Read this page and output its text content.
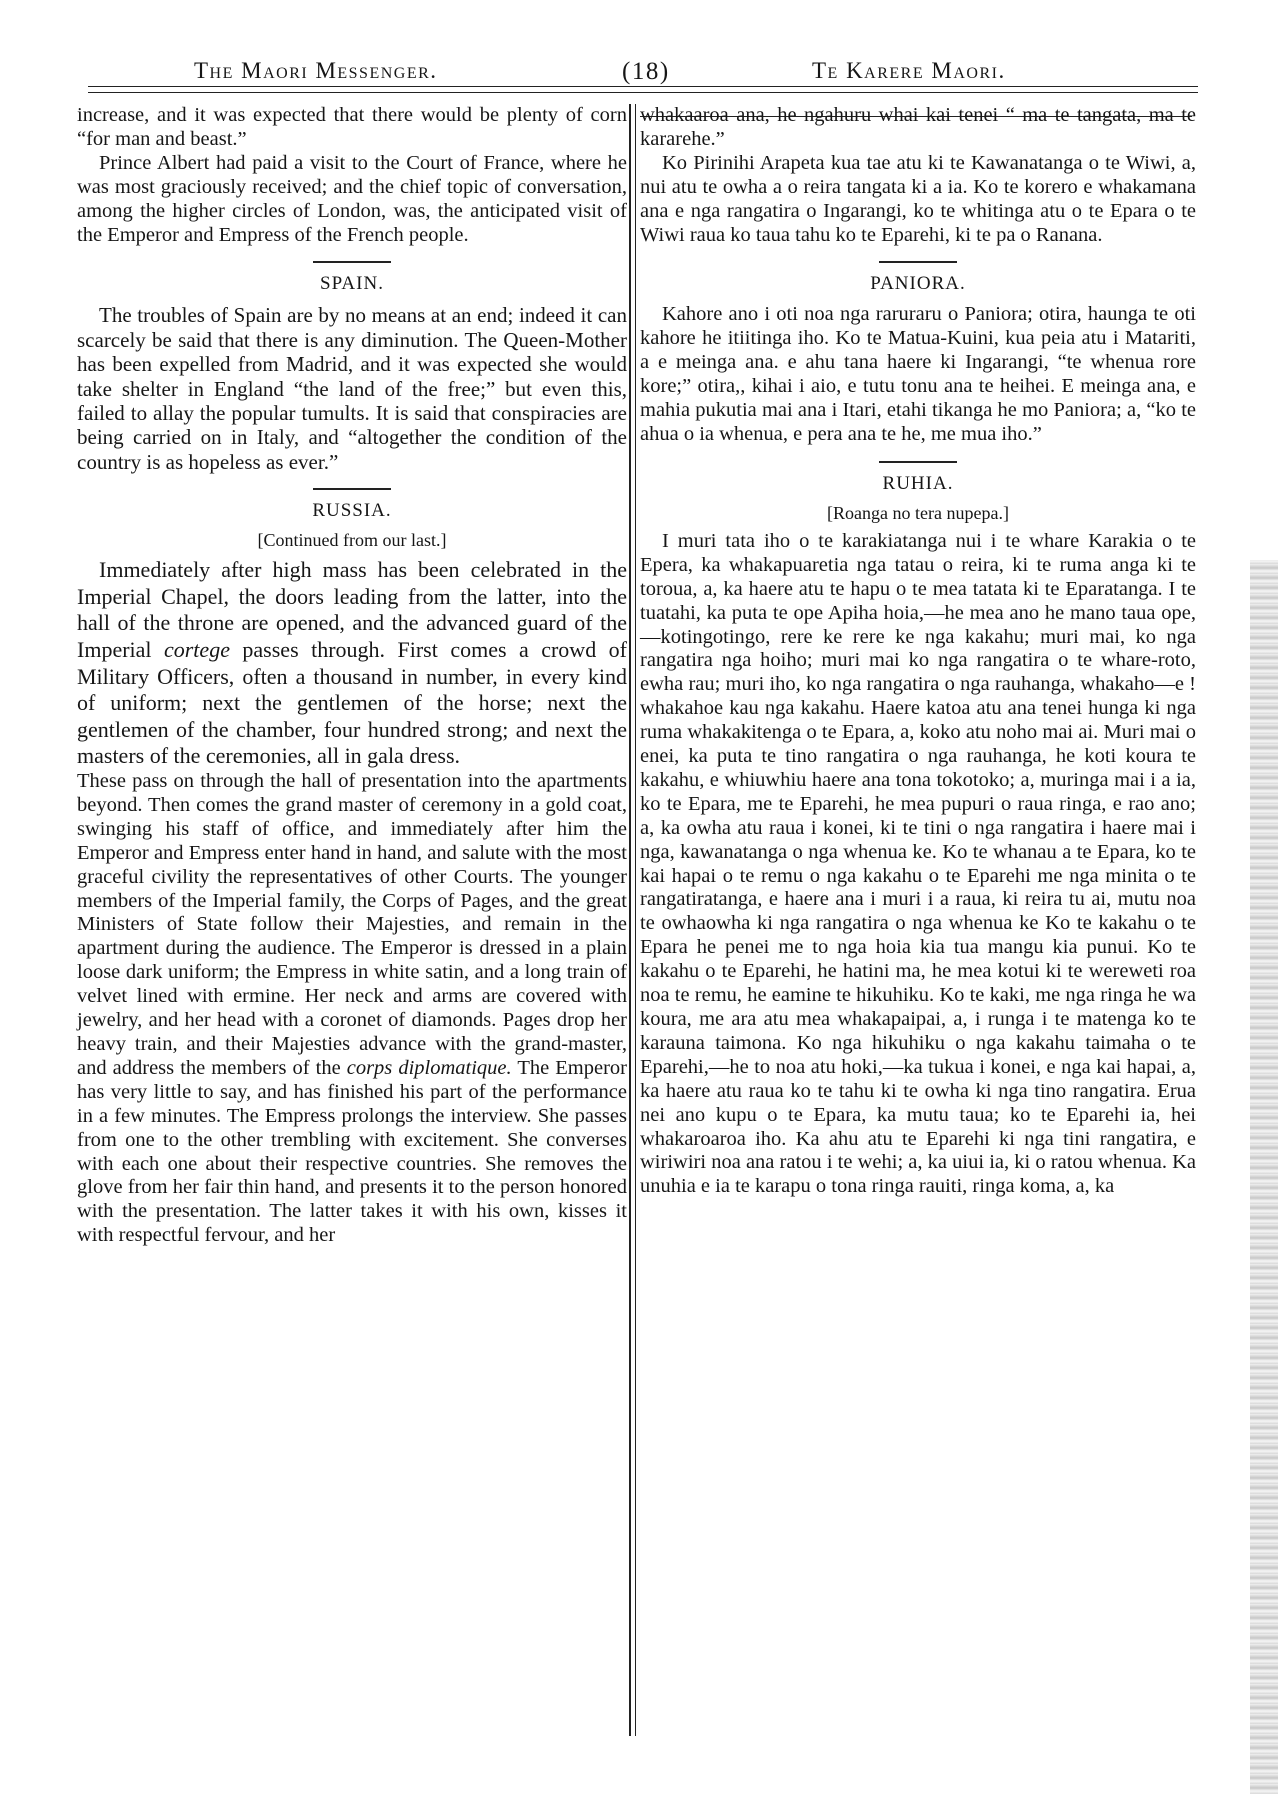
The Maori Messenger.	(18)	Te Karere Maori.

increase, and it was expected that there would be plenty of corn “for man and beast.”

Prince Albert had paid a visit to the Court of France, where he was most graciously received; and the chief topic of conversation, among the higher circles of London, was, the anticipated visit of the Emperor and Empress of the French people.

SPAIN.

The troubles of Spain are by no means at an end; indeed it can scarcely be said that there is any diminution. The Queen-Mother has been expelled from Madrid, and it was expected she would take shelter in England “the land of the free;” but even this, failed to allay the popular tumults. It is said that conspiracies are being carried on in Italy, and “altogether the condition of the country is as hopeless as ever.”

RUSSIA.
[Continued from our last.]

Immediately after high mass has been celebrated in the Imperial Chapel, the doors leading from the latter, into the hall of the throne are opened, and the advanced guard of the Imperial cortege passes through. First comes a crowd of Military Officers, often a thousand in number, in every kind of uniform; next the gentlemen of the horse; next the gentlemen of the chamber, four hundred strong; and next the masters of the ceremonies, all in gala dress.

These pass on through the hall of presentation into the apartments beyond. Then comes the grand master of ceremony in a gold coat, swinging his staff of office, and immediately after him the Emperor and Empress enter hand in hand, and salute with the most graceful civility the representatives of other Courts. The younger members of the Imperial family, the Corps of Pages, and the great Ministers of State follow their Majesties, and remain in the apartment during the audience. The Emperor is dressed in a plain loose dark uniform; the Empress in white satin, and a long train of velvet lined with ermine. Her neck and arms are covered with jewelry, and her head with a coronet of diamonds. Pages drop her heavy train, and their Majesties advance with the grand-master, and address the members of the corps diplomatique. The Emperor has very little to say, and has finished his part of the performance in a few minutes. The Empress prolongs the interview. She passes from one to the other trembling with excitement. She converses with each one about their respective countries. She removes the glove from her fair thin hand, and presents it to the person honored with the presentation. The latter takes it with his own, kisses it with respectful fervour, and her

whakaaroa ana, he ngahuru whai kai tenei “ ma te tangata, ma te kararehe.”

Ko Pirinihi Arapeta kua tae atu ki te Kawanatanga o te Wiwi, a, nui atu te owha a o reira tangata ki a ia. Ko te korero e whakamana ana e nga rangatira o Ingarangi, ko te whitinga atu o te Epara o te Wiwi raua ko taua tahu ko te Eparehi, ki te pa o Ranana.

PANIORA.

Kahore ano i oti noa nga raruraru o Paniora; otira, haunga te oti kahore he itiitinga iho. Ko te Matua-Kuini, kua peia atu i Matariti, a e meinga ana. e ahu tana haere ki Ingarangi, “te whenua rore kore;” otira,, kihai i aio, e tutu tonu ana te heihei. E meinga ana, e mahia pukutia mai ana i Itari, etahi tikanga he mo Paniora; a, “ko te ahua o ia whenua, e pera ana te he, me mua iho.”

RUHIA.
[Roanga no tera nupepa.]

I muri tata iho o te karakiatanga nui i te whare Karakia o te Epera, ka whakapuaretia nga tatau o reira, ki te ruma anga ki te toroua, a, ka haere atu te hapu o te mea tatata ki te Eparatanga. I te tuatahi, ka puta te ope Apiha hoia,—he mea ano he mano taua ope,—kotingotingo, rere ke rere ke nga kakahu; muri mai, ko nga rangatira nga hoiho; muri mai ko nga rangatira o te whare-roto, ewha rau; muri iho, ko nga rangatira o nga rauhanga, whakaho—e ! whakahoe kau nga kakahu. Haere katoa atu ana tenei hunga ki nga ruma whakakitenga o te Epara, a, koko atu noho mai ai. Muri mai o enei, ka puta te tino rangatira o nga rauhanga, he koti koura te kakahu, e whiuwhiu haere ana tona tokotoko; a, muringa mai i a ia, ko te Epara, me te Eparehi, he mea pupuri o raua ringa, e rao ano; a, ka owha atu raua i konei, ki te tini o nga rangatira i haere mai i nga, kawanatanga o nga whenua ke. Ko te whanau a te Epara, ko te kai hapai o te remu o nga kakahu o te Eparehi me nga minita o te rangatiratanga, e haere ana i muri i a raua, ki reira tu ai, mutu noa te owhaowha ki nga rangatira o nga whenua ke Ko te kakahu o te Epara he penei me to nga hoia kia tua mangu kia punui. Ko te kakahu o te Eparehi, he hatini ma, he mea kotui ki te wereweti roa noa te remu, he eamine te hikuhiku. Ko te kaki, me nga ringa he wa koura, me ara atu mea whakapaipai, a, i runga i te matenga ko te karauna taimona. Ko nga hikuhiku o nga kakahu taimaha o te Eparehi,—he to noa atu hoki,—ka tukua i konei, e nga kai hapai, a, ka haere atu raua ko te tahu ki te owha ki nga tino rangatira. Erua nei ano kupu o te Epara, ka mutu taua; ko te Eparehi ia, hei whakaroaroa iho. Ka ahu atu te Eparehi ki nga tini rangatira, e wiriwiri noa ana ratou i te wehi; a, ka uiui ia, ki o ratou whenua. Ka unuhia e ia te karapu o tona ringa rauiti, ringa koma, a, ka
